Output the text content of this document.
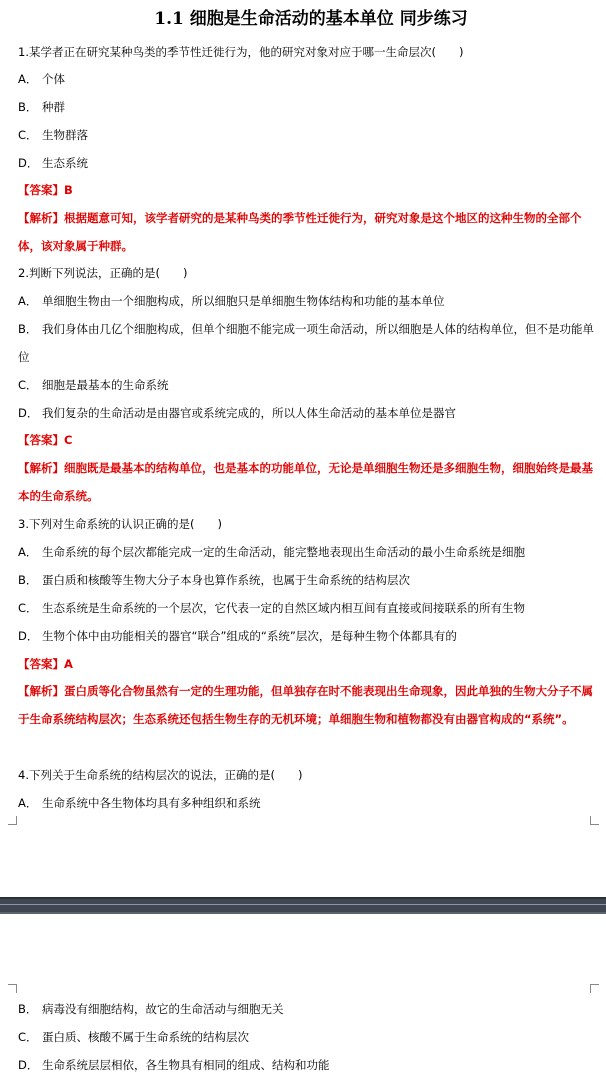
1.1 细胞是生命活动的基本单位 同步练习
1.某学者正在研究某种鸟类的季节性迁徙行为，他的研究对象对应于哪一生命层次(　　)
A． 个体
B． 种群
C． 生物群落
D． 生态系统
【答案】B
【解析】根据题意可知，该学者研究的是某种鸟类的季节性迁徙行为，研究对象是这个地区的这种生物的全部个体，该对象属于种群。
2.判断下列说法，正确的是(　　)
A． 单细胞生物由一个细胞构成，所以细胞只是单细胞生物体结构和功能的基本单位
B． 我们身体由几亿个细胞构成，但单个细胞不能完成一项生命活动，所以细胞是人体的结构单位，但不是功能单位
C． 细胞是最基本的生命系统
D． 我们复杂的生命活动是由器官或系统完成的，所以人体生命活动的基本单位是器官
【答案】C
【解析】细胞既是最基本的结构单位，也是基本的功能单位，无论是单细胞生物还是多细胞生物，细胞始终是最基本的生命系统。
3.下列对生命系统的认识正确的是(　　)
A． 生命系统的每个层次都能完成一定的生命活动，能完整地表现出生命活动的最小生命系统是细胞
B． 蛋白质和核酸等生物大分子本身也算作系统，也属于生命系统的结构层次
C． 生态系统是生命系统的一个层次，它代表一定的自然区域内相互间有直接或间接联系的所有生物
D． 生物个体中由功能相关的器官“联合”组成的“系统”层次，是每种生物个体都具有的
【答案】A
【解析】蛋白质等化合物虽然有一定的生理功能，但单独存在时不能表现出生命现象，因此单独的生物大分子不属于生命系统结构层次；生态系统还包括生物生存的无机环境；单细胞生物和植物都没有由器官构成的“系统”。
4.下列关于生命系统的结构层次的说法，正确的是(　　)
A． 生命系统中各生物体均具有多种组织和系统
B． 病毒没有细胞结构，故它的生命活动与细胞无关
C． 蛋白质、核酸不属于生命系统的结构层次
D． 生命系统层层相依，各生物具有相同的组成、结构和功能
